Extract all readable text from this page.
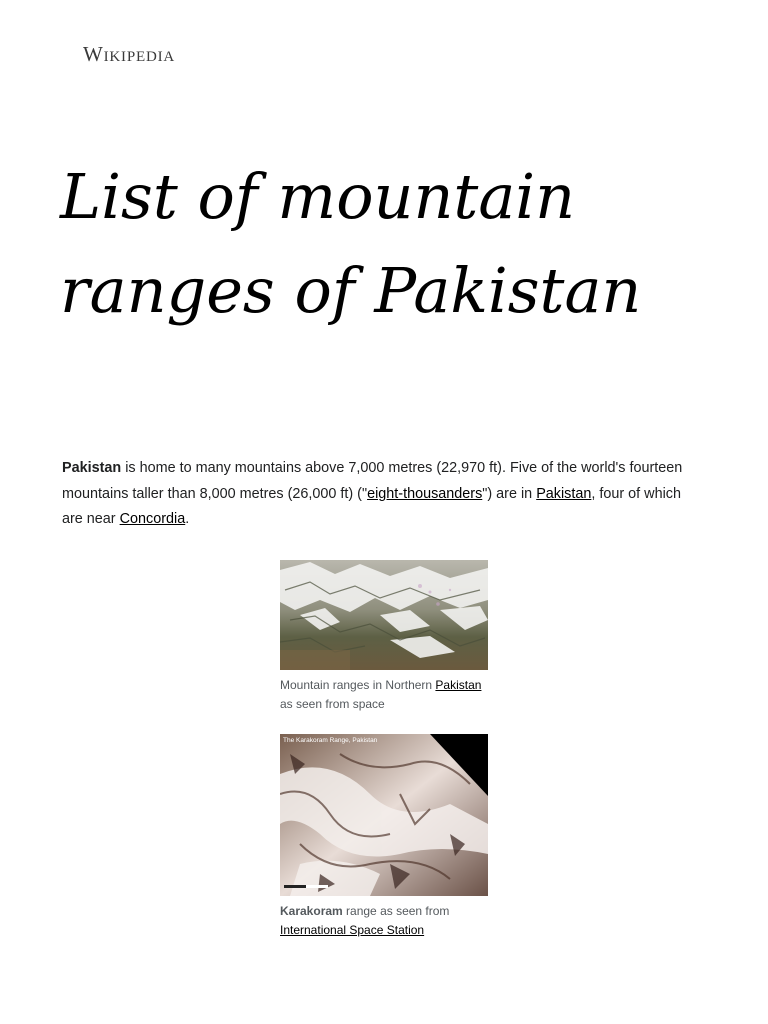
Wikipedia
List of mountain ranges of Pakistan

Pakistan is home to many mountains above 7,000 metres (22,970 ft). Five of the world's fourteen mountains taller than 8,000 metres (26,000 ft) ("eight-thousanders") are in Pakistan, four of which are near Concordia.

Mountain ranges in Northern Pakistan as seen from space
The Karakoram Range, Pakistan
Karakoram range as seen from
International Space Station
